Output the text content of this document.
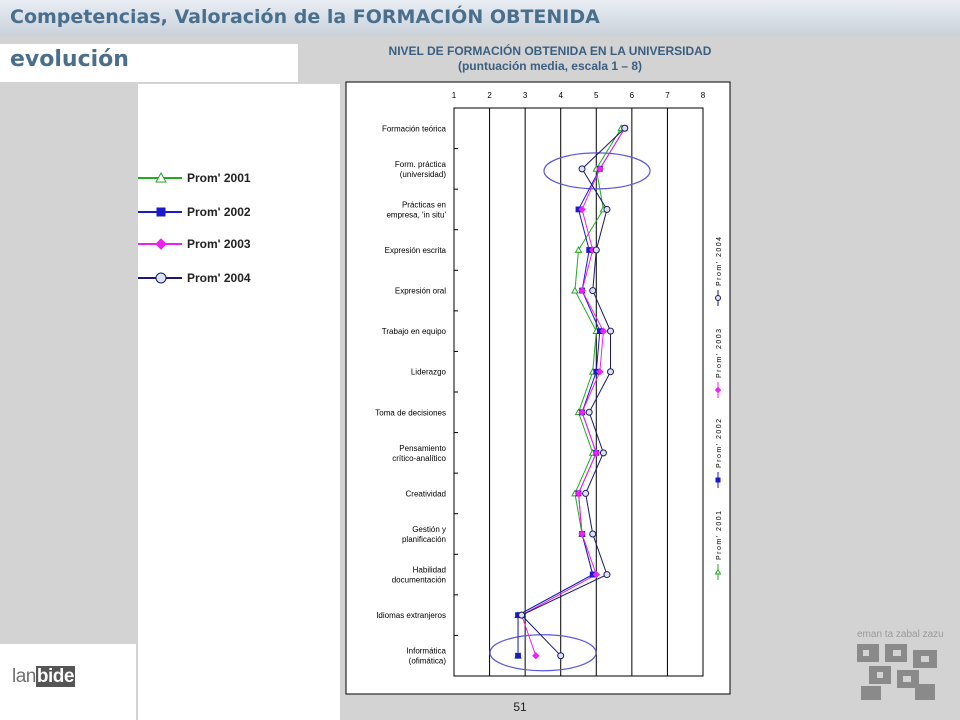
Competencias, Valoración de la FORMACIÓN OBTENIDA
evolución	NIVEL DE FORMACIÓN OBTENIDA EN LA UNIVERSIDAD
(puntuación media, escala 1 – 8)
1	2	3	4	5	6	7	8
Formación teórica
Form. práctica
(universidad)
Prácticas en
empresa, 'in situ'
Expresión escrita
Expresión oral
Trabajo en equipo
Liderazgo
Toma de decisiones
Pensamiento
crítico-analítico
Creatividad
Gestión y
planificación
Habilidad
documentación
Idiomas extranjeros
Informática
(ofimática)
Prom' 2001
Prom' 2002
Prom' 2003
Prom' 2004
Prom' 2001
Prom' 2002
Prom' 2003
Prom' 2004
lanbide
eman ta zabal zazu
51
